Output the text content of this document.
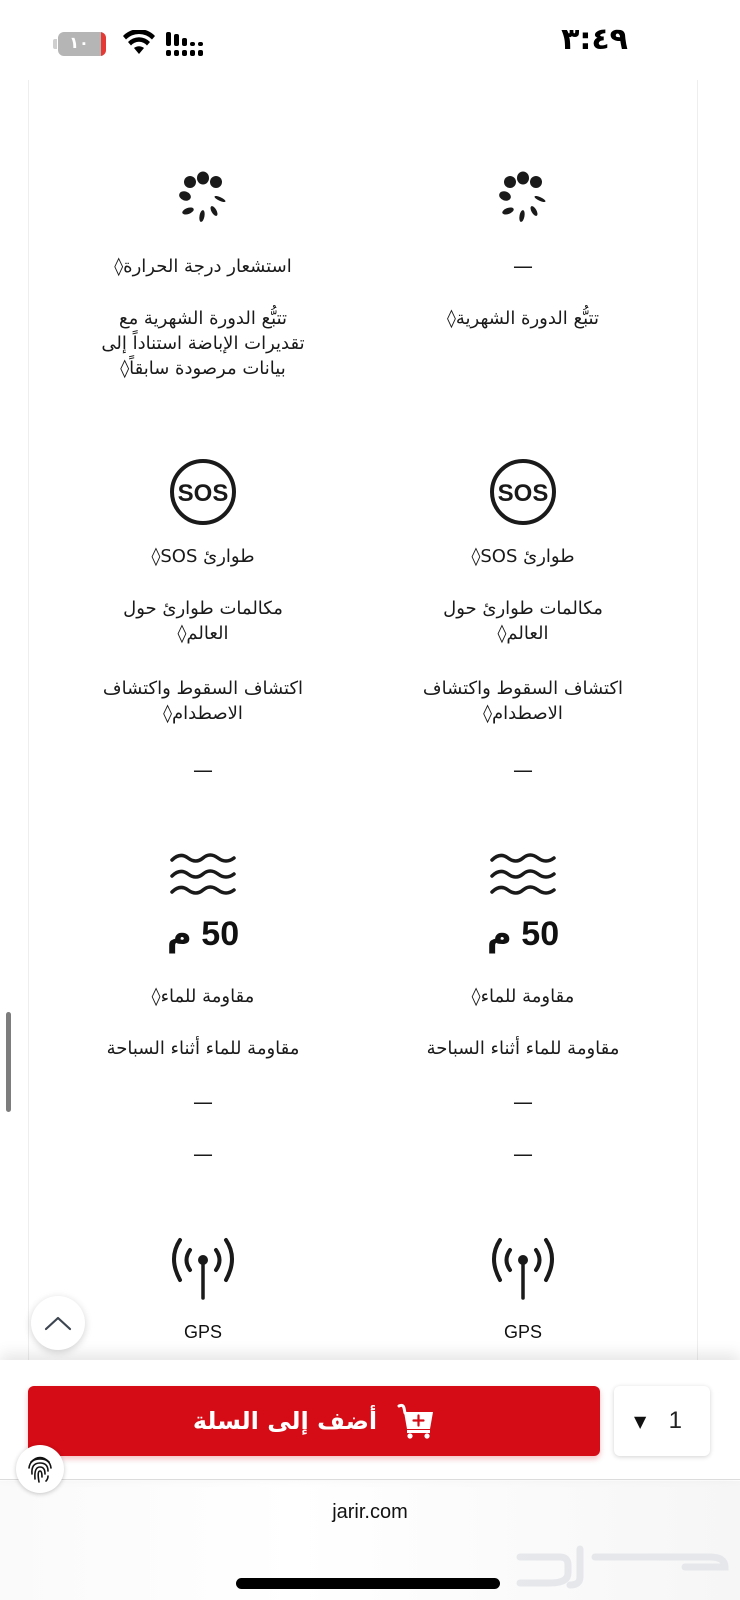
٣:٤٩
١٠
استشعار درجة الحرارة◊
تتبُّع الدورة الشهرية مع تقديرات الإباضة استناداً إلى بيانات مرصودة سابقاً◊
SOS
طوارئ SOS◊
مكالمات طوارئ حول العالم◊
اكتشاف السقوط واكتشاف الاصطدام◊
—
50 م
مقاومة للماء◊
مقاومة للماء أثناء السباحة
—
—
GPS
—
تتبُّع الدورة الشهرية◊
SOS
طوارئ SOS◊
مكالمات طوارئ حول العالم◊
اكتشاف السقوط واكتشاف الاصطدام◊
—
50 م
مقاومة للماء◊
مقاومة للماء أثناء السباحة
—
—
GPS
أضف إلى السلة	▼ 1
jarir.com
